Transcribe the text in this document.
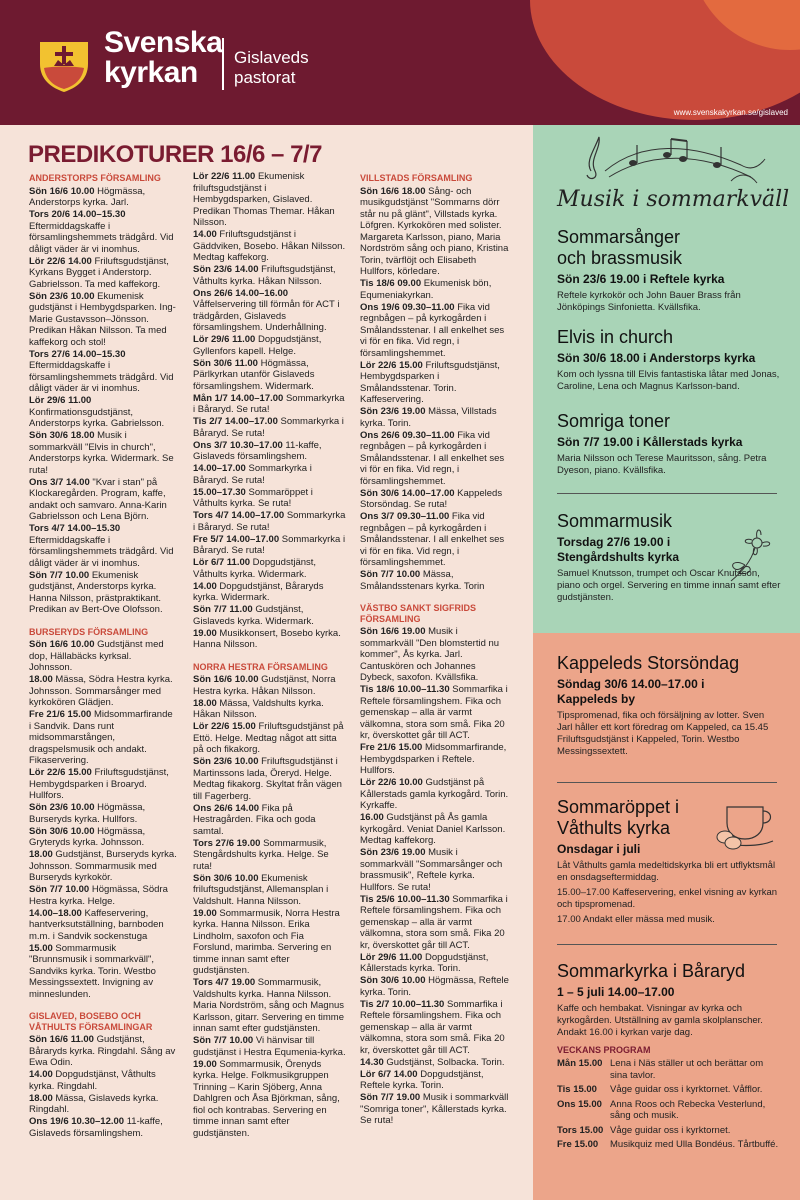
Svenska
kyrkan	Gislaveds
pastorat
www.svenskakyrkan.se/gislaved
PREDIKOTURER 16/6 – 7/7
ANDERSTORPS FÖRSAMLING
Sön 16/6 10.00 Högmässa, Anderstorps kyrka. Jarl.
Tors 20/6 14.00–15.30 Eftermiddagskaffe i församlingshemmets trädgård. Vid dåligt väder är vi inomhus.
Lör 22/6 14.00 Friluftsgudstjänst, Kyrkans Bygget i Anderstorp. Gabrielsson. Ta med kaffekorg.
Sön 23/6 10.00 Ekumenisk gudstjänst i Hembygdsparken. Ing-Marie Gustavsson–Jönsson. Predikan Håkan Nilsson. Ta med kaffekorg och stol!
Tors 27/6 14.00–15.30 Eftermiddagskaffe i församlingshemmets trädgård. Vid dåligt väder är vi inomhus.
Lör 29/6 11.00 Konfirmationsgudstjänst, Anderstorps kyrka. Gabrielsson.
Sön 30/6 18.00 Musik i sommarkväll "Elvis in church", Anderstorps kyrka. Widermark. Se ruta!
Ons 3/7 14.00 "Kvar i stan" på Klockaregården. Program, kaffe, andakt och samvaro. Anna-Karin Gabrielsson och Lena Björn.
Tors 4/7 14.00–15.30 Eftermiddagskaffe i församlingshemmets trädgård. Vid dåligt väder är vi inomhus.
Sön 7/7 10.00 Ekumenisk gudstjänst, Anderstorps kyrka. Hanna Nilsson, prästpraktikant. Predikan av Bert-Ove Olofsson.
BURSERYDS FÖRSAMLING
Sön 16/6 10.00 Gudstjänst med dop, Hällabäcks kyrksal. Johnsson.
18.00 Mässa, Södra Hestra kyrka. Johnsson. Sommarsånger med kyrkokören Glädjen.
Fre 21/6 15.00 Midsommarfirande i Sandvik. Dans runt midsommarstången, dragspelsmusik och andakt. Fikaservering.
Lör 22/6 15.00 Friluftsgudstjänst, Hembygdsparken i Broaryd. Hullfors.
Sön 23/6 10.00 Högmässa, Burserydѕ kyrka. Hullfors.
Sön 30/6 10.00 Högmässa, Gryteryds kyrka. Johnsson.
18.00 Gudstjänst, Burseryds kyrka. Johnsson. Sommarmusik med Burseryds kyrkokör.
Sön 7/7 10.00 Högmässa, Södra Hestra kyrka. Helge.
14.00–18.00 Kaffeservering, hantverksutställning, barnboden m.m. i Sandvik sockenstuga
15.00 Sommarmusik "Brunnsmusik i sommarkväll", Sandviks kyrka. Torin. Westbo Messingssextett. Invigning av minneslunden.
GISLAVED, BOSEBO OCH VÅTHULTS FÖRSAMLINGAR
Sön 16/6 11.00 Gudstjänst, Båraryds kyrka. Ringdahl. Sång av Ewa Odin.
14.00 Dopgudstjänst, Våthults kyrka. Ringdahl.
18.00 Mässa, Gislaveds kyrka. Ringdahl.
Ons 19/6 10.30–12.00 11-kaffe, Gislaveds församlingshem.
Lör 22/6 11.00 Ekumenisk friluftsgudstjänst i Hembygdsparken, Gislaved. Predikan Thomas Themar. Håkan Nilsson.
14.00 Friluftsgudstjänst i Gäddviken, Bosebo. Håkan Nilsson. Medtag kaffekorg.
Sön 23/6 14.00 Friluftsgudstjänst, Våthults kyrka. Håkan Nilsson.
Ons 26/6 14.00–16.00 Våffelservering till förmån för ACT i trädgården, Gislaveds församlingshem. Underhållning.
Lör 29/6 11.00 Dopgudstjänst, Gyllenfors kapell. Helge.
Sön 30/6 11.00 Högmässa, Pärlkyrkan utanför Gislaveds församlingshem. Widermark.
Mån 1/7 14.00–17.00 Sommarkyrka i Båraryd. Se ruta!
Tis 2/7 14.00–17.00 Sommarkyrka i Båraryd. Se ruta!
Ons 3/7 10.30–17.00 11-kaffe, Gislaveds församlingshem.
14.00–17.00 Sommarkyrka i Båraryd. Se ruta!
15.00–17.30 Sommaröppet i Våthults kyrka. Se ruta!
Tors 4/7 14.00–17.00 Sommarkyrka i Båraryd. Se ruta!
Fre 5/7 14.00–17.00 Sommarkyrka i Båraryd. Se ruta!
Lör 6/7 11.00 Dopgudstjänst, Våthults kyrka. Widermark.
14.00 Dopgudstjänst, Båraryds kyrka. Widermark.
Sön 7/7 11.00 Gudstjänst, Gislaveds kyrka. Widermark.
19.00 Musikkonsert, Bosebo kyrka. Hanna Nilsson.
NORRA HESTRA FÖRSAMLING
Sön 16/6 10.00 Gudstjänst, Norra Hestra kyrka. Håkan Nilsson.
18.00 Mässa, Valdshults kyrka. Håkan Nilsson.
Lör 22/6 15.00 Friluftsgudstjänst på Ettö. Helge. Medtag något att sitta på och fikakorg.
Sön 23/6 10.00 Friluftsgudstjänst i Martinssons lada, Öreryd. Helge. Medtag fikakorg. Skyltat från vägen till Fagerberg.
Ons 26/6 14.00 Fika på Hestragården. Fika och goda samtal.
Tors 27/6 19.00 Sommarmusik, Stengårdshults kyrka. Helge. Se ruta!
Sön 30/6 10.00 Ekumenisk friluftsgudstjänst, Allemansplan i Valdshult. Hanna Nilsson.
19.00 Sommarmusik, Norra Hestra kyrka. Hanna Nilsson. Erika Lindholm, saxofon och Fia Forslund, marimba. Servering en timme innan samt efter gudstjänsten.
Tors 4/7 19.00 Sommarmusik, Valdshults kyrka. Hanna Nilsson. Maria Nordström, sång och Magnus Karlsson, gitarr. Servering en timme innan samt efter gudstjänsten.
Sön 7/7 10.00 Vi hänvisar till gudstjänst i Hestra Equmenia-kyrka.
19.00 Sommarmusik, Örenyds kyrka. Helge. Folkmusikgruppen Trinning – Karin Sjöberg, Anna Dahlgren och Åsa Björkman, sång, fiol och kontrabas. Servering en timme innan samt efter gudstjänsten.
VILLSTADS FÖRSAMLING
Sön 16/6 18.00 Sång- och musikgudstjänst "Sommarns dörr står nu på glänt", Villstads kyrka. Löfgren. Kyrkokören med solister. Margareta Karlsson, piano, Maria Nordström sång och piano, Kristina Torin, tvärflöjt och Elisabeth Hullfors, körledare.
Tis 18/6 09.00 Ekumenisk bön, Equmeniakyrkan.
Ons 19/6 09.30–11.00 Fika vid regnbågen – på kyrkogården i Smålandsstenar. I all enkelhet ses vi för en fika. Vid regn, i församlingshemmet.
Lör 22/6 15.00 Friluftsgudstjänst, Hembygdsparken i Smålandsstenar. Torin. Kaffeservering.
Sön 23/6 19.00 Mässa, Villstads kyrka. Torin.
Ons 26/6 09.30–11.00 Fika vid regnbågen – på kyrkogården i Smålandsstenar. I all enkelhet ses vi för en fika. Vid regn, i församlingshemmet.
Sön 30/6 14.00–17.00 Kappeleds Storsöndag. Se ruta!
Ons 3/7 09.30–11.00 Fika vid regnbågen – på kyrkogården i Smålandsstenar. I all enkelhet ses vi för en fika. Vid regn, i församlingshemmet.
Sön 7/7 10.00 Mässa, Smålandsstenars kyrka. Torin
VÄSTBO SANKT SIGFRIDS FÖRSAMLING
Sön 16/6 19.00 Musik i sommarkväll "Den blomstertid nu kommer", Ås kyrka. Jarl. Cantuskören och Johannes Dybeck, saxofon. Kvällsfika.
Tis 18/6 10.00–11.30 Sommarfika i Reftele församlingshem. Fika och gemenskap – alla är varmt välkomna, stora som små. Fika 20 kr, överskottet går till ACT.
Fre 21/6 15.00 Midsommarfirande, Hembygdsparken i Reftele. Hullfors.
Lör 22/6 10.00 Gudstjänst på Kållerstads gamla kyrkogård. Torin. Kyrkaffe.
16.00 Gudstjänst på Ås gamla kyrkogård. Veniat Daniel Karlsson. Medtag kaffekorg.
Sön 23/6 19.00 Musik i sommarkväll "Sommarsånger och brassmusik", Reftele kyrka. Hullfors. Se ruta!
Tis 25/6 10.00–11.30 Sommarfika i Reftele församlingshem. Fika och gemenskap – alla är varmt välkomna, stora som små. Fika 20 kr, överskottet går till ACT.
Lör 29/6 11.00 Dopgudstjänst, Kållerstads kyrka. Torin.
Sön 30/6 10.00 Högmässa, Reftele kyrka. Torin.
Tis 2/7 10.00–11.30 Sommarfika i Reftele församlingshem. Fika och gemenskap – alla är varmt välkomna, stora som små. Fika 20 kr, överskottet går till ACT.
14.30 Gudstjänst, Solbacka. Torin.
Lör 6/7 14.00 Dopgudstjänst, Reftele kyrka. Torin.
Sön 7/7 19.00 Musik i sommarkväll "Somriga toner", Kållerstads kyrka. Se ruta!
Musik i sommarkväll
Sommarsånger och brassmusik
Sön 23/6 19.00 i Reftele kyrka

Reftele kyrkokör och John Bauer Brass från Jönköpings Sinfonietta. Kvällsfika.

Elvis in church
Sön 30/6 18.00 i Anderstorps kyrka

Kom och lyssna till Elvis fantastiska låtar med Jonas, Caroline, Lena och Magnus Karlsson-band.

Somriga toner
Sön 7/7 19.00 i Kållerstads kyrka

Maria Nilsson och Terese Mauritsson, sång. Petra Dyeson, piano. Kvällsfika.

Sommarmusik
Torsdag 27/6 19.00 i Stengårdshults kyrka

Samuel Knutsson, trumpet och Oscar Knutsson, piano och orgel. Servering en timme innan samt efter gudstjänsten.

Kappeleds Storsöndag
Söndag 30/6 14.00–17.00 i Kappeleds by

Tipspromenad, fika och försäljning av lotter. Sven Jarl håller ett kort föredrag om Kappeled, ca 15.45 Friluftsgudstjänst i Kappeled, Torin. Westbo Messingssextett.

Sommaröppet i Våthults kyrka
Onsdagar i juli

Låt Våthults gamla medeltidskyrka bli ert utflyktsmål en onsdagseftermiddag.

15.00–17.00 Kaffeservering, enkel visning av kyrkan och tipspromenad.

17.00 Andakt eller mässa med musik.

Sommarkyrka i Båraryd
1 – 5 juli 14.00–17.00

Kaffe och hembakat. Visningar av kyrka och kyrkogården. Utställning av gamla skolplanscher. Andakt 16.00 i kyrkan varje dag.

VECKANS PROGRAM
Mån 15.00 Lena i Näs ställer ut och berättar om sina tavlor.
Tis 15.00	Våge guidar oss i kyrktornet. Våfflor.
Ons 15.00 Anna Roos och Rebecka Vesterlund, sång och musik.
Tors 15.00 Våge guidar oss i kyrktornet.
Fre 15.00	Musikquiz med Ulla Bondéus. Tårtbuffé.
